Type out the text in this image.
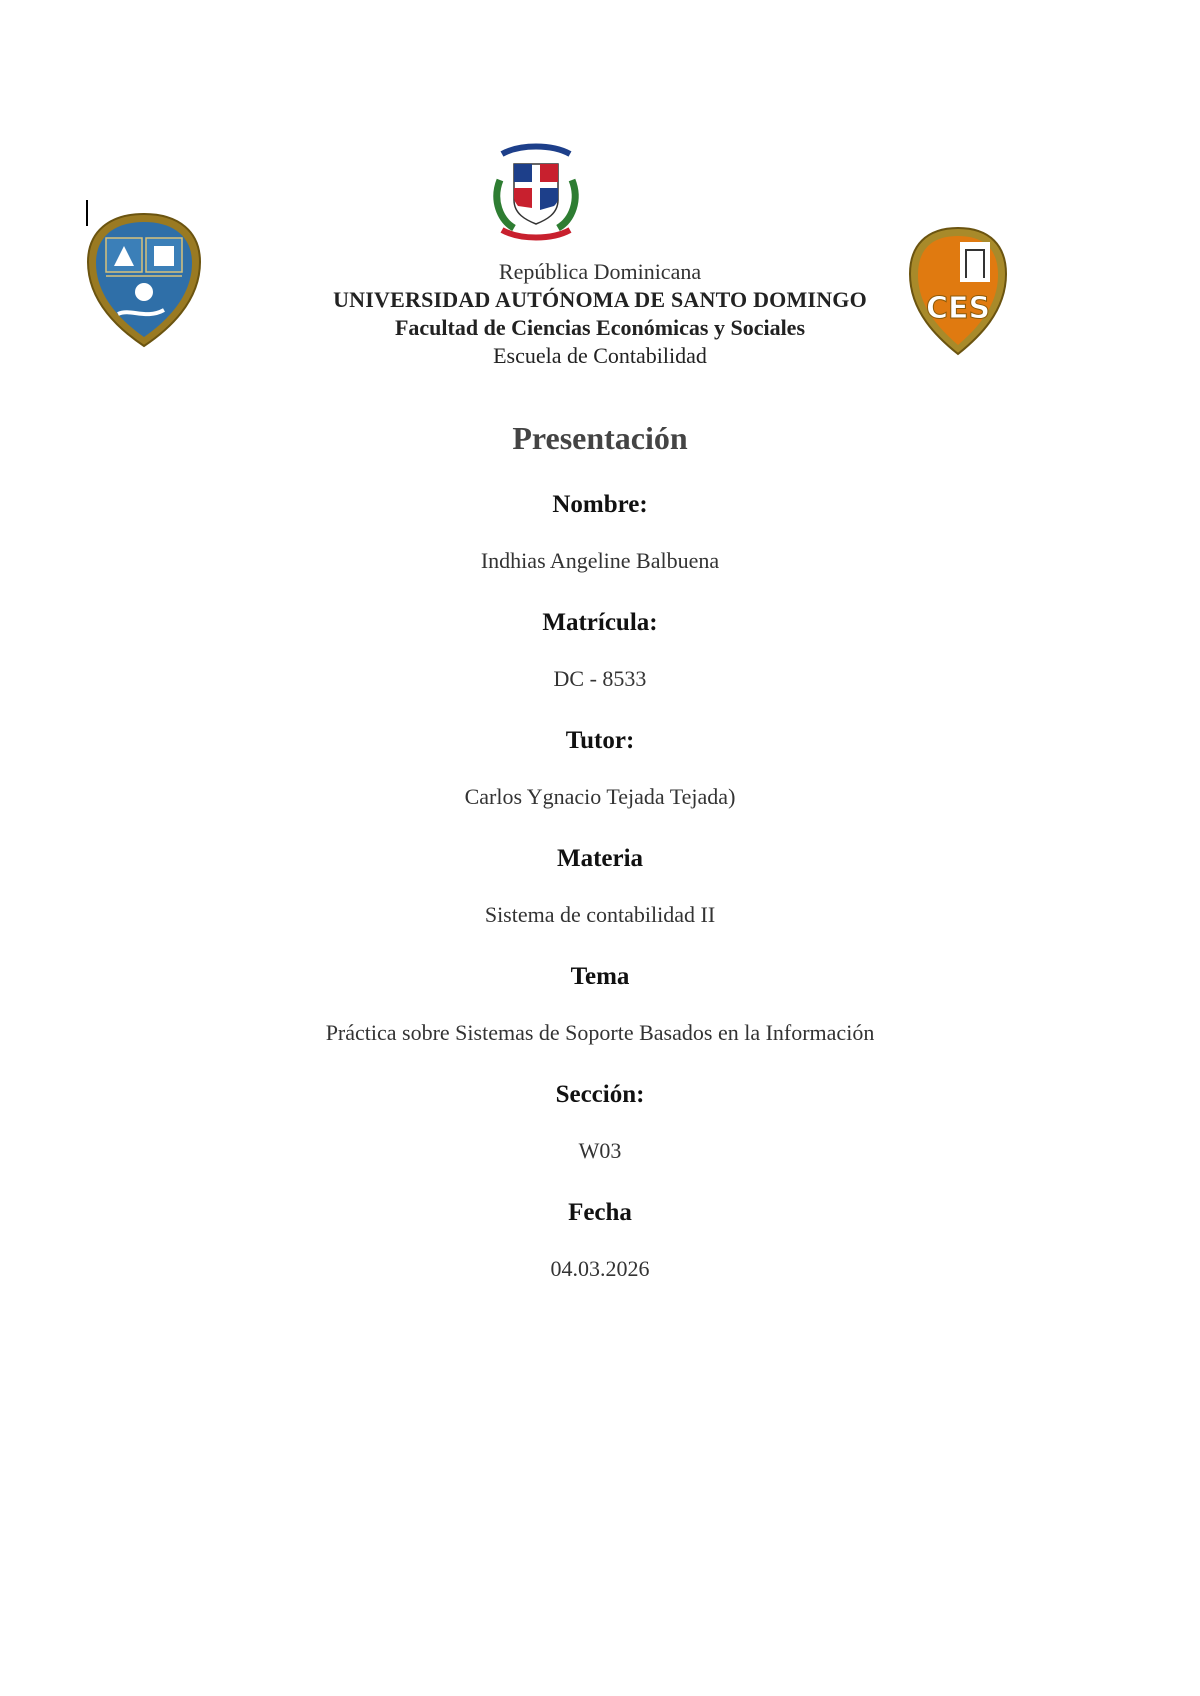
CES
República Dominicana
UNIVERSIDAD AUTÓNOMA DE SANTO DOMINGO
Facultad de Ciencias Económicas y Sociales
Escuela de Contabilidad
Presentación
Nombre:
Indhias Angeline Balbuena
Matrícula:
DC - 8533
Tutor:
Carlos Ygnacio Tejada Tejada)
Materia
Sistema de contabilidad II
Tema
Práctica sobre Sistemas de Soporte Basados en la Información
Sección:
W03
Fecha
04.03.2026
